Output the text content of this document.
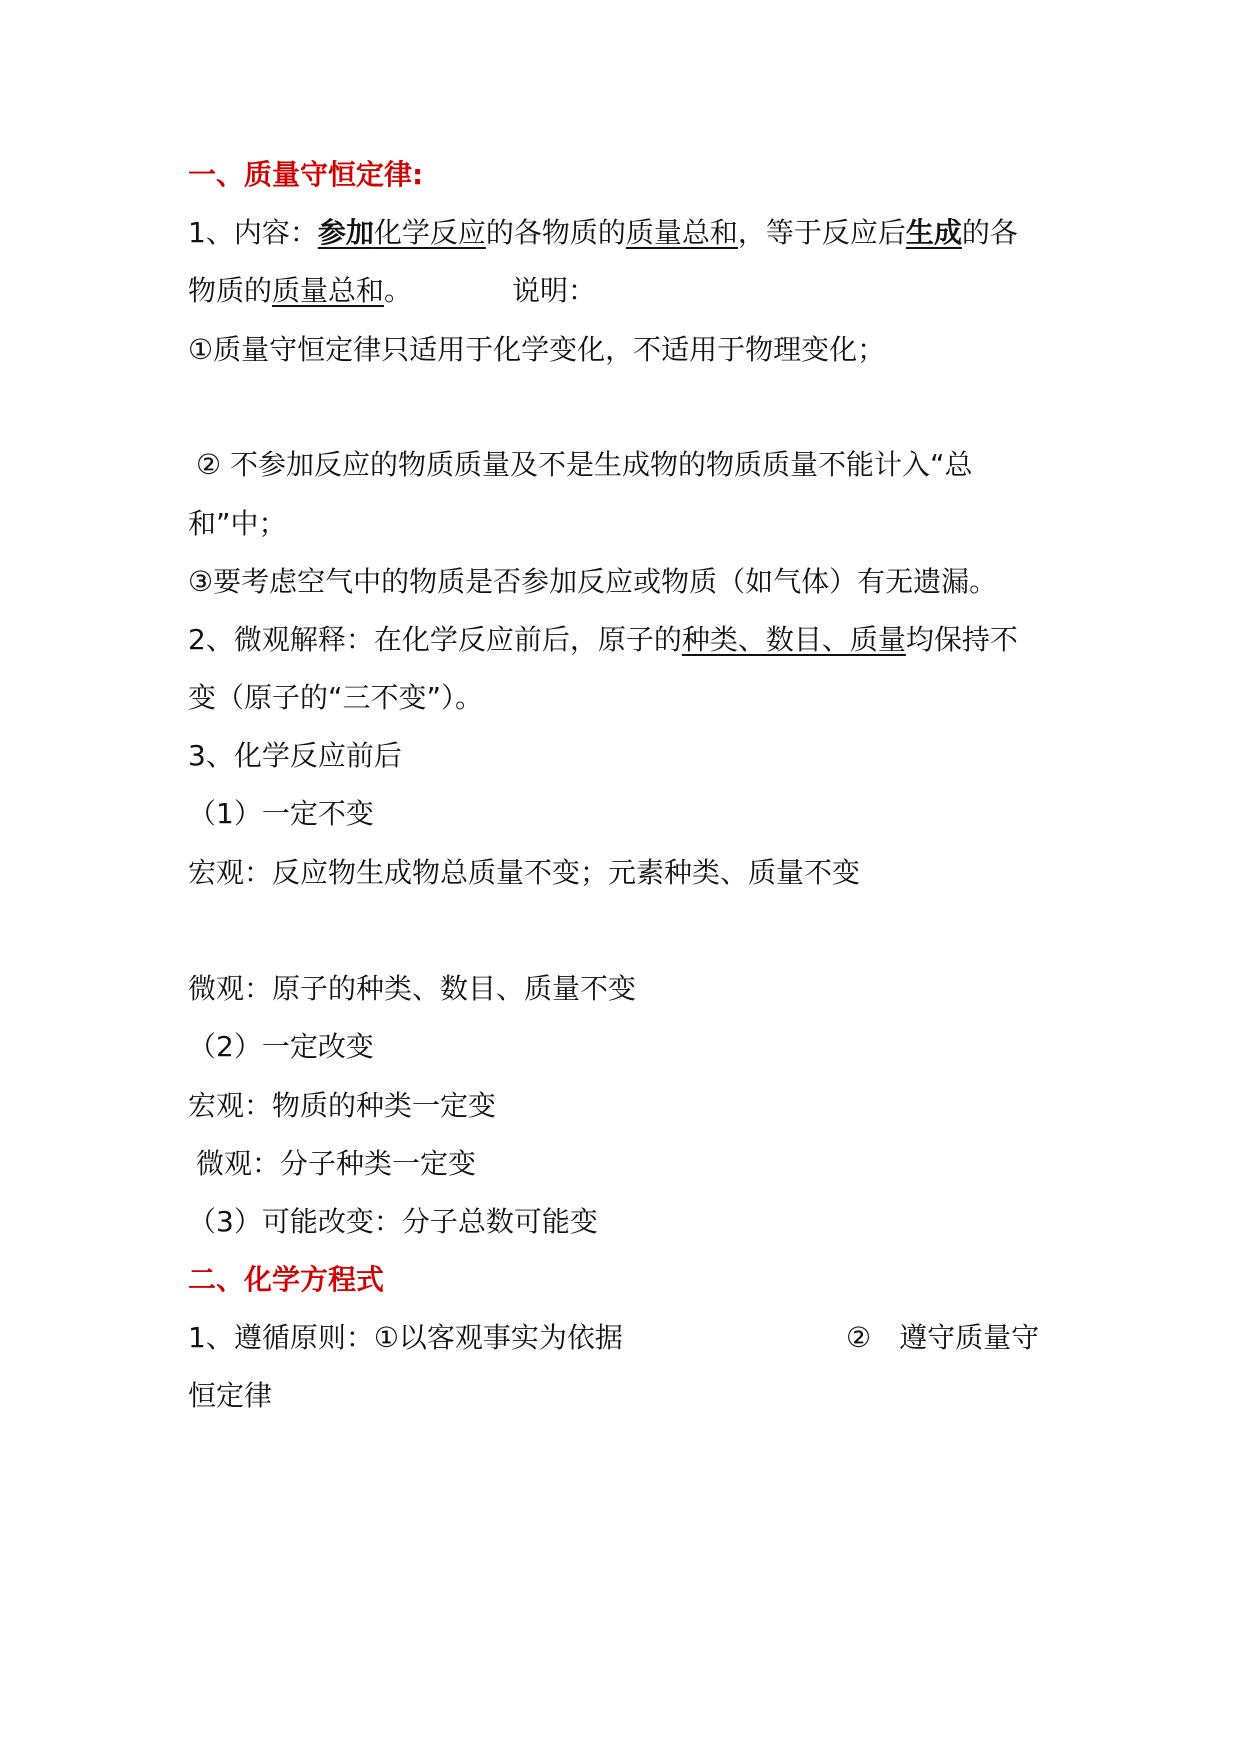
一、质量守恒定律:
1、内容：参加化学反应的各物质的质量总和，等于反应后生成的各
物质的质量总和。	说明：
①质量守恒定律只适用于化学变化，不适用于物理变化；
② 不参加反应的物质质量及不是生成物的物质质量不能计入“总
和”中；
③要考虑空气中的物质是否参加反应或物质（如气体）有无遗漏。
2、微观解释：在化学反应前后，原子的种类、数目、质量均保持不
变（原子的“三不变”）。
3、化学反应前后
（1）一定不变
宏观：反应物生成物总质量不变；元素种类、质量不变
微观：原子的种类、数目、质量不变
（2）一定改变
宏观：物质的种类一定变
微观：分子种类一定变
（3）可能改变：分子总数可能变
二、化学方程式
1、遵循原则：①以客观事实为依据	②　遵守质量守
恒定律
